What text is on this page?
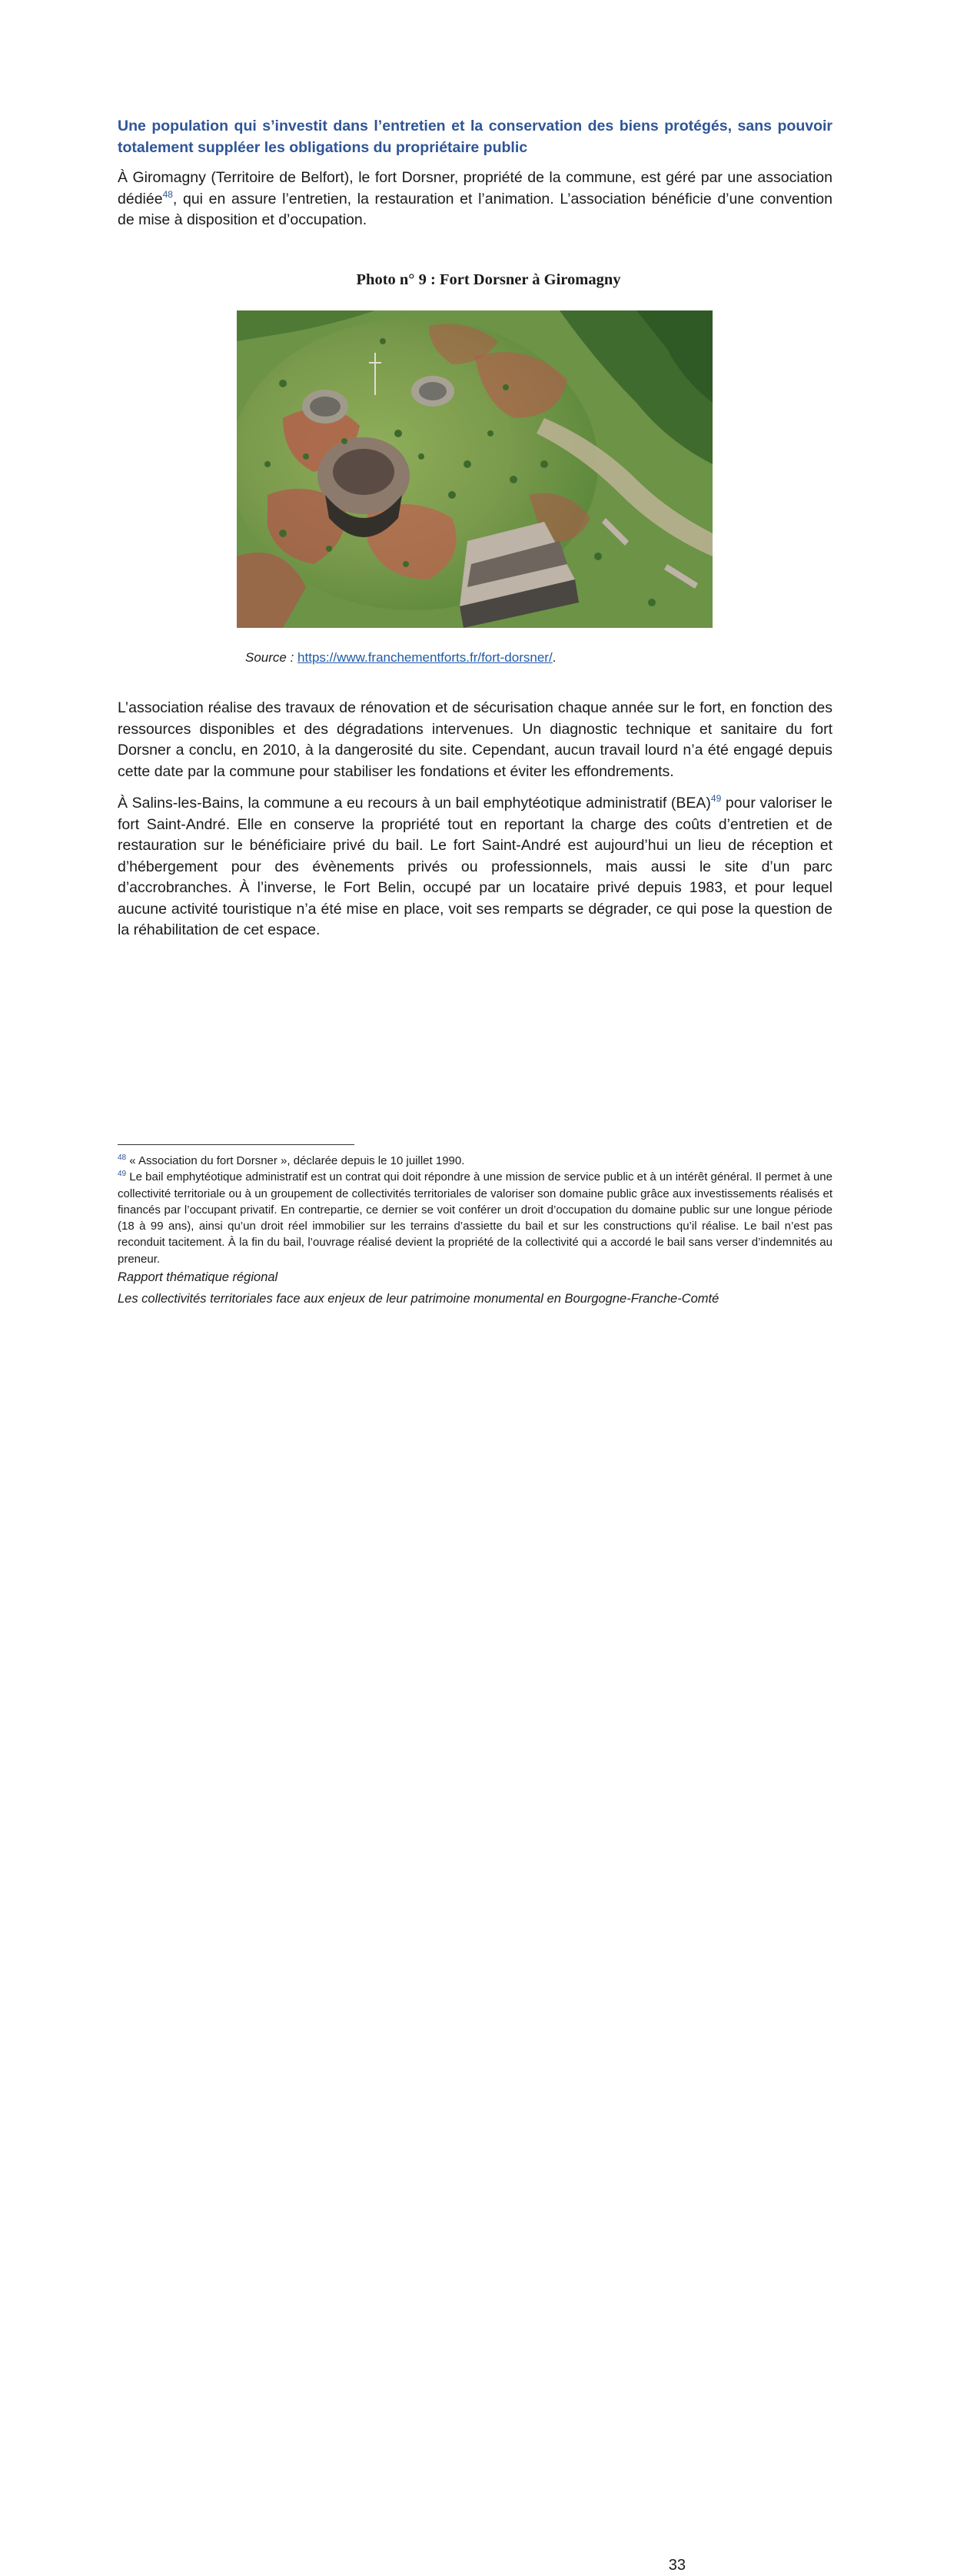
Une population qui s’investit dans l’entretien et la conservation des biens protégés, sans pouvoir totalement suppléer les obligations du propriétaire public

À Giromagny (Territoire de Belfort), le fort Dorsner, propriété de la commune, est géré par une association dédiée$^{48}$, qui en assure l’entretien, la restauration et l’animation. L’association bénéficie d’une convention de mise à disposition et d’occupation.

Photo n° 9 : Fort Dorsner à Giromagny

Source : https://www.franchementforts.fr/fort-dorsner/.

L’association réalise des travaux de rénovation et de sécurisation chaque année sur le fort, en fonction des ressources disponibles et des dégradations intervenues. Un diagnostic technique et sanitaire du fort Dorsner a conclu, en 2010, à la dangerosité du site. Cependant, aucun travail lourd n’a été engagé depuis cette date par la commune pour stabiliser les fondations et éviter les effondrements.

À Salins-les-Bains, la commune a eu recours à un bail emphytéotique administratif (BEA)$^{49}$ pour valoriser le fort Saint-André. Elle en conserve la propriété tout en reportant la charge des coûts d’entretien et de restauration sur le bénéficiaire privé du bail. Le fort Saint-André est aujourd’hui un lieu de réception et d’hébergement pour des évènements privés ou professionnels, mais aussi le site d’un parc d’accrobranches. À l’inverse, le Fort Belin, occupé par un locataire privé depuis 1983, et pour lequel aucune activité touristique n’a été mise en place, voit ses remparts se dégrader, ce qui pose la question de la réhabilitation de cet espace.

$^{48}$ « Association du fort Dorsner », déclarée depuis le 10 juillet 1990.

$^{49}$ Le bail emphytéotique administratif est un contrat qui doit répondre à une mission de service public et à un intérêt général. Il permet à une collectivité territoriale ou à un groupement de collectivités territoriales de valoriser son domaine public grâce aux investissements réalisés et financés par l’occupant privatif. En contrepartie, ce dernier se voit conférer un droit d’occupation du domaine public sur une longue période (18 à 99 ans), ainsi qu’un droit réel immobilier sur les terrains d’assiette du bail et sur les constructions qu’il réalise. Le bail n’est pas reconduit tacitement. À la fin du bail, l’ouvrage réalisé devient la propriété de la collectivité qui a accordé le bail sans verser d’indemnités au preneur.

Rapport thématique régional

Les collectivités territoriales face aux enjeux de leur patrimoine monumental en Bourgogne-Franche-Comté

33
